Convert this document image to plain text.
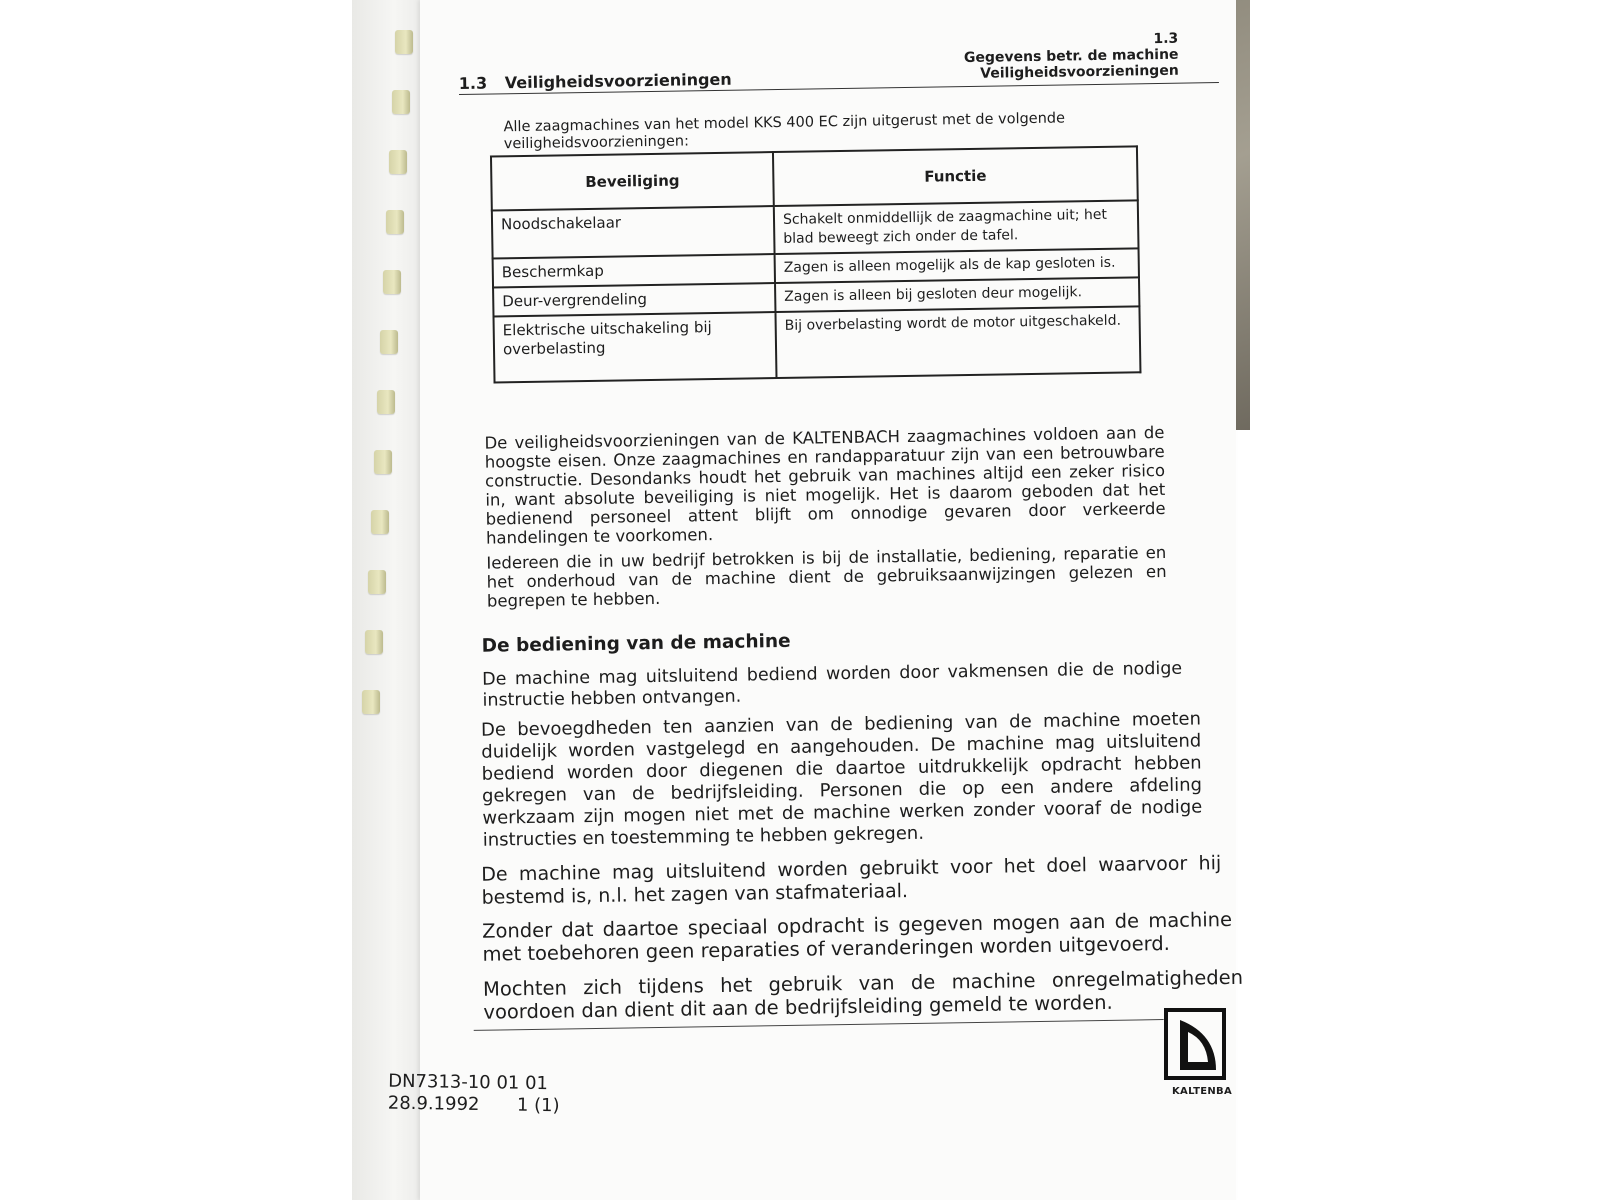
1.3
Gegevens betr. de machine
Veiligheidsvoorzieningen
1.3 Veiligheidsvoorzieningen
Alle zaagmachines van het model KKS 400 EC zijn uitgerust met de volgende veiligheidsvoorzieningen:
Beveiliging	Functie
Noodschakelaar	Schakelt onmiddellijk de zaagmachine uit; het blad beweegt zich onder de tafel.
Beschermkap	Zagen is alleen mogelijk als de kap gesloten is.
Deur-vergrendeling	Zagen is alleen bij gesloten deur mogelijk.
Elektrische uitschakeling bij overbelasting	Bij overbelasting wordt de motor uitgeschakeld.
De veiligheidsvoorzieningen van de KALTENBACH zaagmachines voldoen aan de hoogste eisen. Onze zaagmachines en randapparatuur zijn van een betrouwbare constructie. Desondanks houdt het gebruik van machines altijd een zeker risico in, want absolute beveiliging is niet mogelijk. Het is daarom geboden dat het bedienend personeel attent blijft om onnodige gevaren door verkeerde handelingen te voorkomen.
Iedereen die in uw bedrijf betrokken is bij de installatie, bediening, reparatie en het onderhoud van de machine dient de gebruiksaanwijzingen gelezen en begrepen te hebben.
De bediening van de machine
De machine mag uitsluitend bediend worden door vakmensen die de nodige instructie hebben ontvangen.
De bevoegdheden ten aanzien van de bediening van de machine moeten duidelijk worden vastgelegd en aangehouden. De machine mag uitsluitend bediend worden door diegenen die daartoe uitdrukkelijk opdracht hebben gekregen van de bedrijfsleiding. Personen die op een andere afdeling werkzaam zijn mogen niet met de machine werken zonder vooraf de nodige instructies en toestemming te hebben gekregen.
De machine mag uitsluitend worden gebruikt voor het doel waarvoor hij bestemd is, n.l. het zagen van stafmateriaal.
Zonder dat daartoe speciaal opdracht is gegeven mogen aan de machine met toebehoren geen reparaties of veranderingen worden uitgevoerd.
Mochten zich tijdens het gebruik van de machine onregelmatigheden voordoen dan dient dit aan de bedrijfsleiding gemeld te worden.
DN7313-10 01 01
28.9.1992 1 (1)
KALTENBA
